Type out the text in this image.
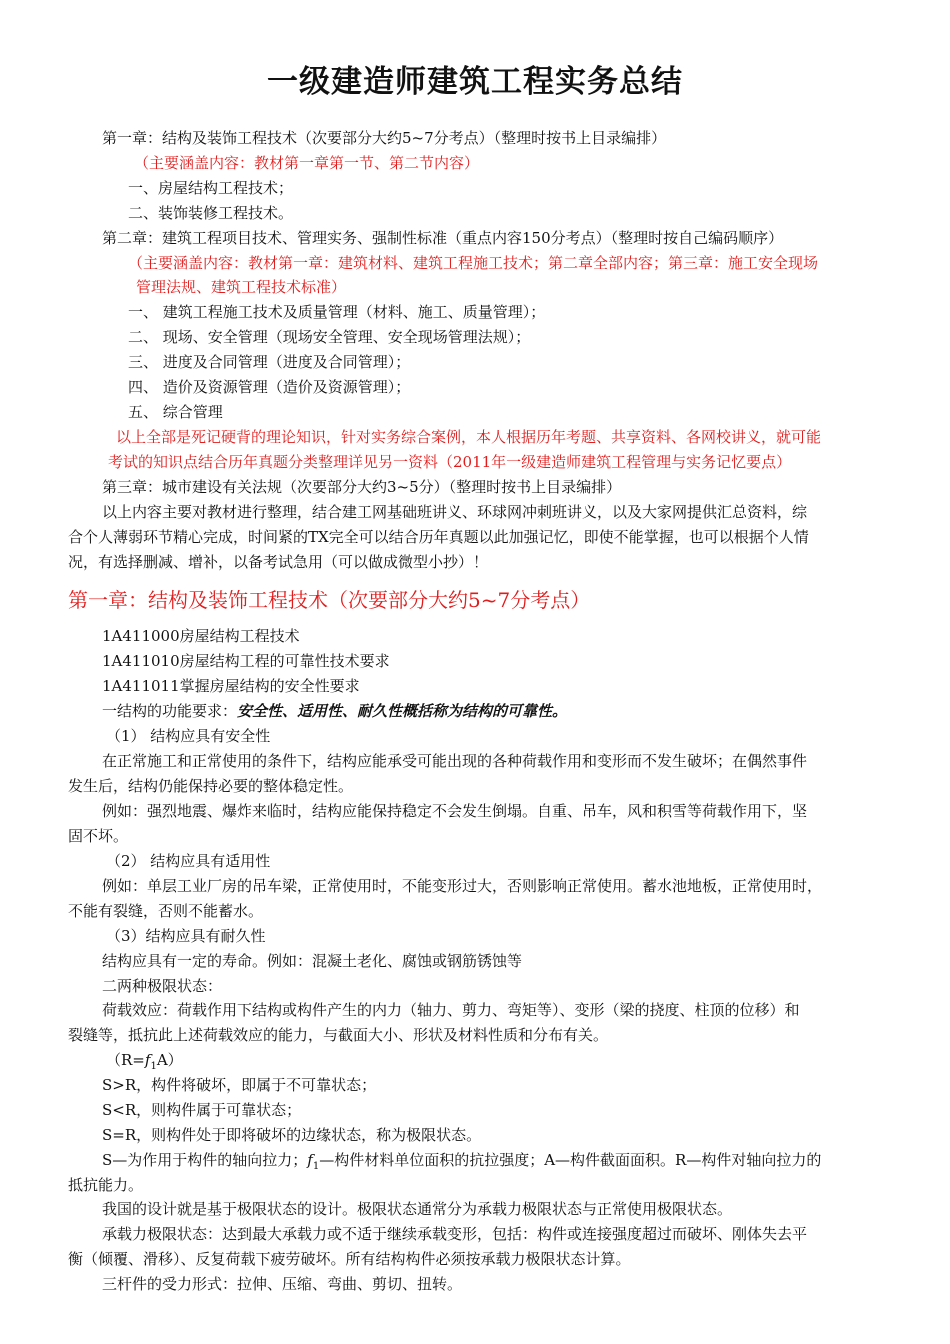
一级建造师建筑工程实务总结
第一章：结构及装饰工程技术（次要部分大约5~7分考点）（整理时按书上目录编排）
（主要涵盖内容：教材第一章第一节、第二节内容）
一、房屋结构工程技术；
二、装饰装修工程技术。
第二章：建筑工程项目技术、管理实务、强制性标准（重点内容150分考点）（整理时按自己编码顺序）
（主要涵盖内容：教材第一章：建筑材料、建筑工程施工技术；第二章全部内容；第三章：施工安全现场
管理法规、建筑工程技术标准）
一、 建筑工程施工技术及质量管理（材料、施工、质量管理）；
二、 现场、安全管理（现场安全管理、安全现场管理法规）；
三、 进度及合同管理（进度及合同管理）；
四、 造价及资源管理（造价及资源管理）；
五、 综合管理
以上全部是死记硬背的理论知识，针对实务综合案例，本人根据历年考题、共享资料、各网校讲义，就可能
考试的知识点结合历年真题分类整理详见另一资料（2011年一级建造师建筑工程管理与实务记忆要点）
第三章：城市建设有关法规（次要部分大约3~5分）（整理时按书上目录编排）
以上内容主要对教材进行整理，结合建工网基础班讲义、环球网冲刺班讲义，以及大家网提供汇总资料，综
合个人薄弱环节精心完成，时间紧的TX完全可以结合历年真题以此加强记忆，即使不能掌握，也可以根据个人情
况，有选择删减、增补，以备考试急用（可以做成微型小抄）！
第一章：结构及装饰工程技术（次要部分大约5~7分考点）
1A411000房屋结构工程技术
1A411010房屋结构工程的可靠性技术要求
1A411011掌握房屋结构的安全性要求
一结构的功能要求：安全性、适用性、耐久性概括称为结构的可靠性。
（1） 结构应具有安全性
在正常施工和正常使用的条件下，结构应能承受可能出现的各种荷载作用和变形而不发生破坏；在偶然事件
发生后，结构仍能保持必要的整体稳定性。
例如：强烈地震、爆炸来临时，结构应能保持稳定不会发生倒塌。自重、吊车，风和积雪等荷载作用下，坚
固不坏。
（2） 结构应具有适用性
例如：单层工业厂房的吊车梁，正常使用时，不能变形过大，否则影响正常使用。蓄水池地板，正常使用时，
不能有裂缝，否则不能蓄水。
（3）结构应具有耐久性
结构应具有一定的寿命。例如：混凝土老化、腐蚀或钢筋锈蚀等
二两种极限状态：
荷载效应：荷载作用下结构或构件产生的内力（轴力、剪力、弯矩等）、变形（梁的挠度、柱顶的位移）和
裂缝等，抵抗此上述荷载效应的能力，与截面大小、形状及材料性质和分布有关。
$(R=f_1A)$
S>R，构件将破坏，即属于不可靠状态；
S<R，则构件属于可靠状态；
S=R，则构件处于即将破坏的边缘状态，称为极限状态。
S—为作用于构件的轴向拉力；$f_1—$构件材料单位面积的抗拉强度；A—构件截面面积。R—构件对轴向拉力的
抵抗能力。
我国的设计就是基于极限状态的设计。极限状态通常分为承载力极限状态与正常使用极限状态。
承载力极限状态：达到最大承载力或不适于继续承载变形，包括：构件或连接强度超过而破坏、刚体失去平
衡（倾覆、滑移）、反复荷载下疲劳破坏。所有结构构件必须按承载力极限状态计算。
三杆件的受力形式：拉伸、压缩、弯曲、剪切、扭转。
